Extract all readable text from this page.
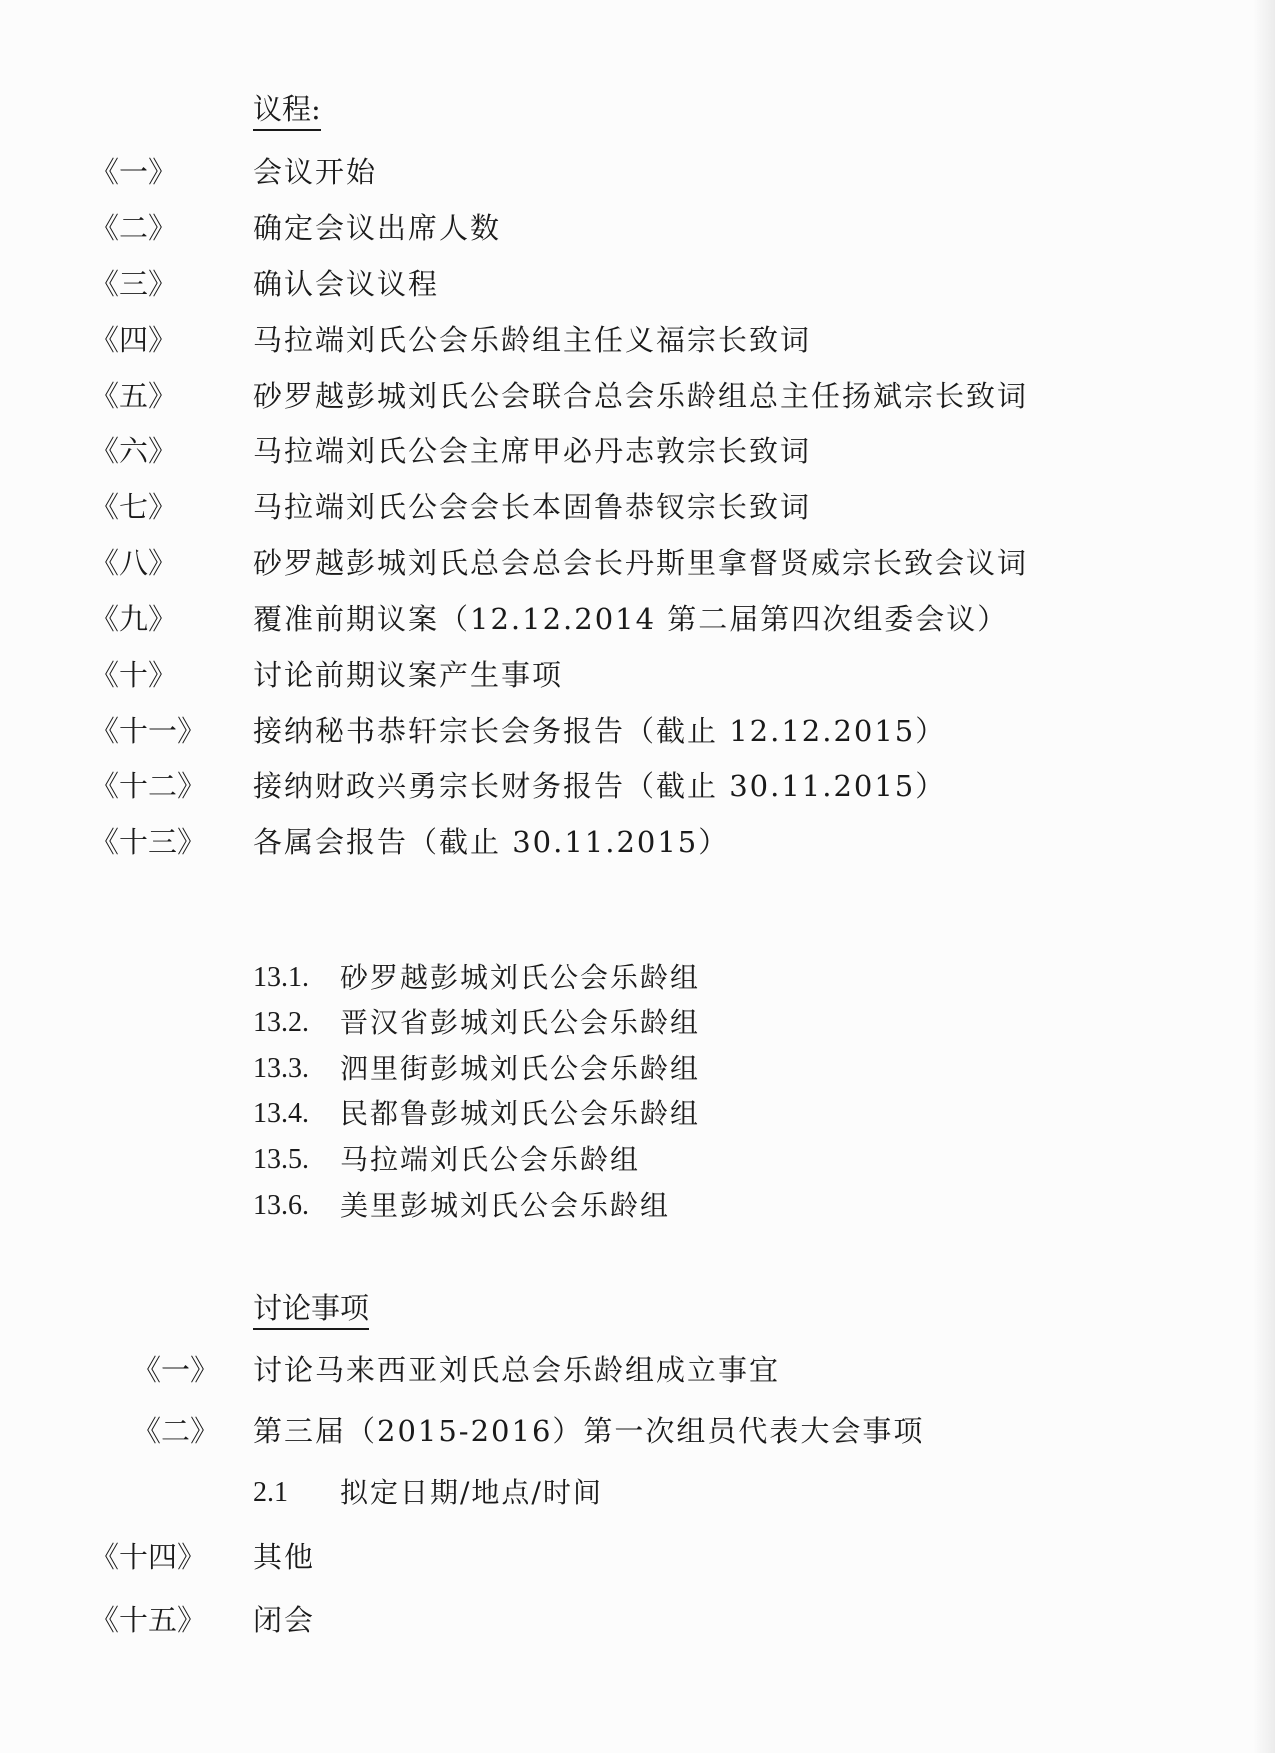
议程:
《一》	会议开始
《二》	确定会议出席人数
《三》	确认会议议程
《四》	马拉端刘氏公会乐龄组主任义福宗长致词
《五》	砂罗越彭城刘氏公会联合总会乐龄组总主任扬斌宗长致词
《六》	马拉端刘氏公会主席甲必丹志敦宗长致词
《七》	马拉端刘氏公会会长本固鲁恭钗宗长致词
《八》	砂罗越彭城刘氏总会总会长丹斯里拿督贤威宗长致会议词
《九》	覆准前期议案（12.12.2014 第二届第四次组委会议）
《十》	讨论前期议案产生事项
《十一》 接纳秘书恭轩宗长会务报告（截止 12.12.2015）
《十二》 接纳财政兴勇宗长财务报告（截止 30.11.2015）
《十三》 各属会报告（截止 30.11.2015）
13.1. 砂罗越彭城刘氏公会乐龄组
13.2. 晋汉省彭城刘氏公会乐龄组
13.3. 泗里街彭城刘氏公会乐龄组
13.4. 民都鲁彭城刘氏公会乐龄组
13.5. 马拉端刘氏公会乐龄组
13.6. 美里彭城刘氏公会乐龄组
讨论事项
《一》 讨论马来西亚刘氏总会乐龄组成立事宜
《二》 第三届（2015-2016）第一次组员代表大会事项
2.1 拟定日期/地点/时间
《十四》 其他
《十五》 闭会
